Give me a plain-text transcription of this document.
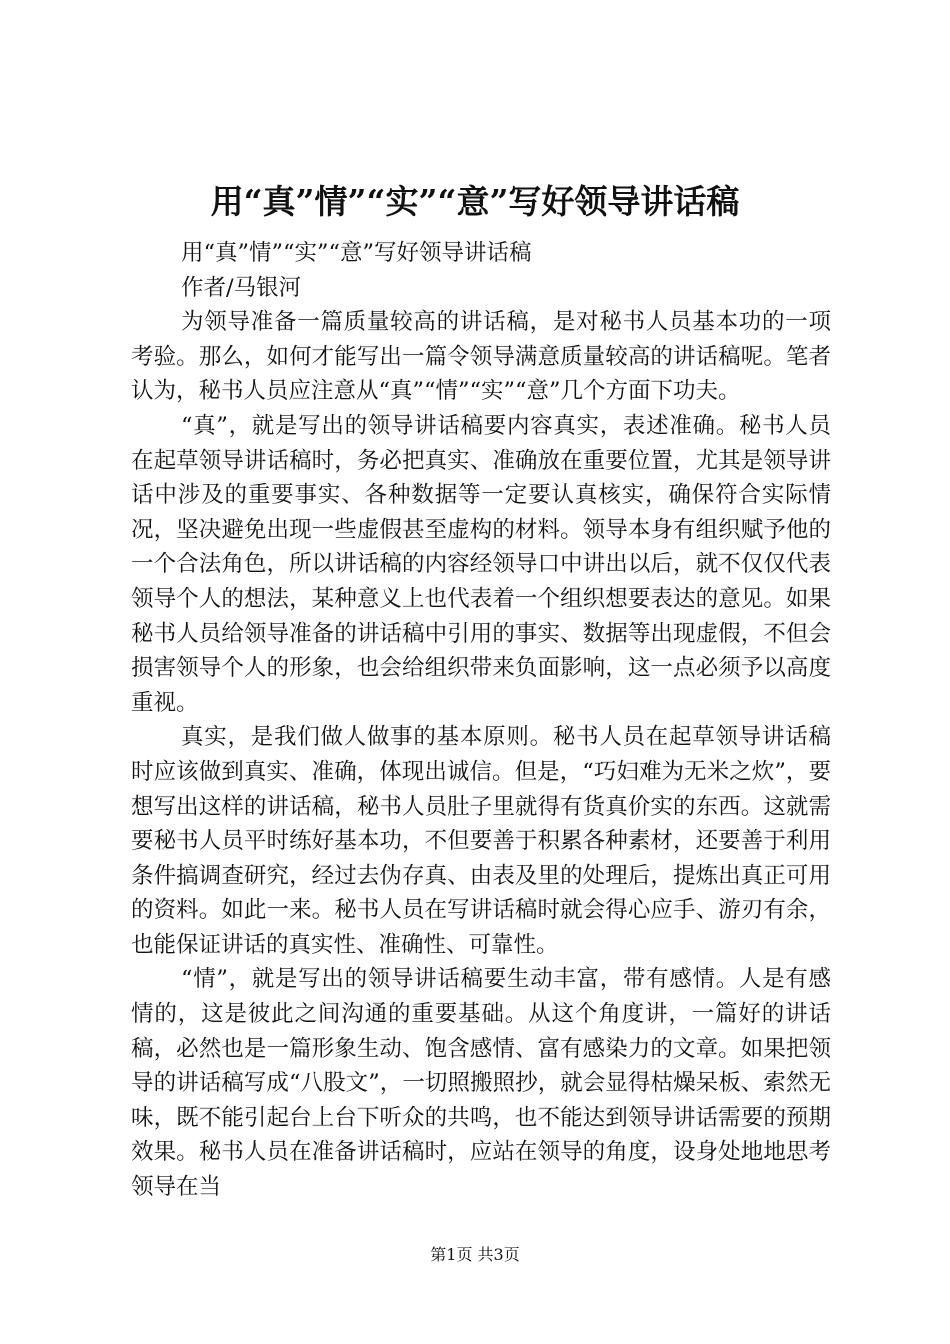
用“真”情”“实”“意”写好领导讲话稿

用“真”情”“实”“意”写好领导讲话稿

作者/马银河

为领导准备一篇质量较高的讲话稿，是对秘书人员基本功的一项考验。那么，如何才能写出一篇令领导满意质量较高的讲话稿呢。笔者认为，秘书人员应注意从“真”“情”“实”“意”几个方面下功夫。

“真”，就是写出的领导讲话稿要内容真实，表述准确。秘书人员在起草领导讲话稿时，务必把真实、准确放在重要位置，尤其是领导讲话中涉及的重要事实、各种数据等一定要认真核实，确保符合实际情况，坚决避免出现一些虚假甚至虚构的材料。领导本身有组织赋予他的一个合法角色，所以讲话稿的内容经领导口中讲出以后，就不仅仅代表领导个人的想法，某种意义上也代表着一个组织想要表达的意见。如果秘书人员给领导准备的讲话稿中引用的事实、数据等出现虚假，不但会损害领导个人的形象，也会给组织带来负面影响，这一点必须予以高度重视。

真实，是我们做人做事的基本原则。秘书人员在起草领导讲话稿时应该做到真实、准确，体现出诚信。但是，“巧妇难为无米之炊”，要想写出这样的讲话稿，秘书人员肚子里就得有货真价实的东西。这就需要秘书人员平时练好基本功，不但要善于积累各种素材，还要善于利用条件搞调查研究，经过去伪存真、由表及里的处理后，提炼出真正可用的资料。如此一来。秘书人员在写讲话稿时就会得心应手、游刃有余，也能保证讲话的真实性、准确性、可靠性。

“情”，就是写出的领导讲话稿要生动丰富，带有感情。人是有感情的，这是彼此之间沟通的重要基础。从这个角度讲，一篇好的讲话稿，必然也是一篇形象生动、饱含感情、富有感染力的文章。如果把领导的讲话稿写成“八股文”，一切照搬照抄，就会显得枯燥呆板、索然无味，既不能引起台上台下听众的共鸣，也不能达到领导讲话需要的预期效果。秘书人员在准备讲话稿时，应站在领导的角度，设身处地地思考领导在当

第1页 共3页
